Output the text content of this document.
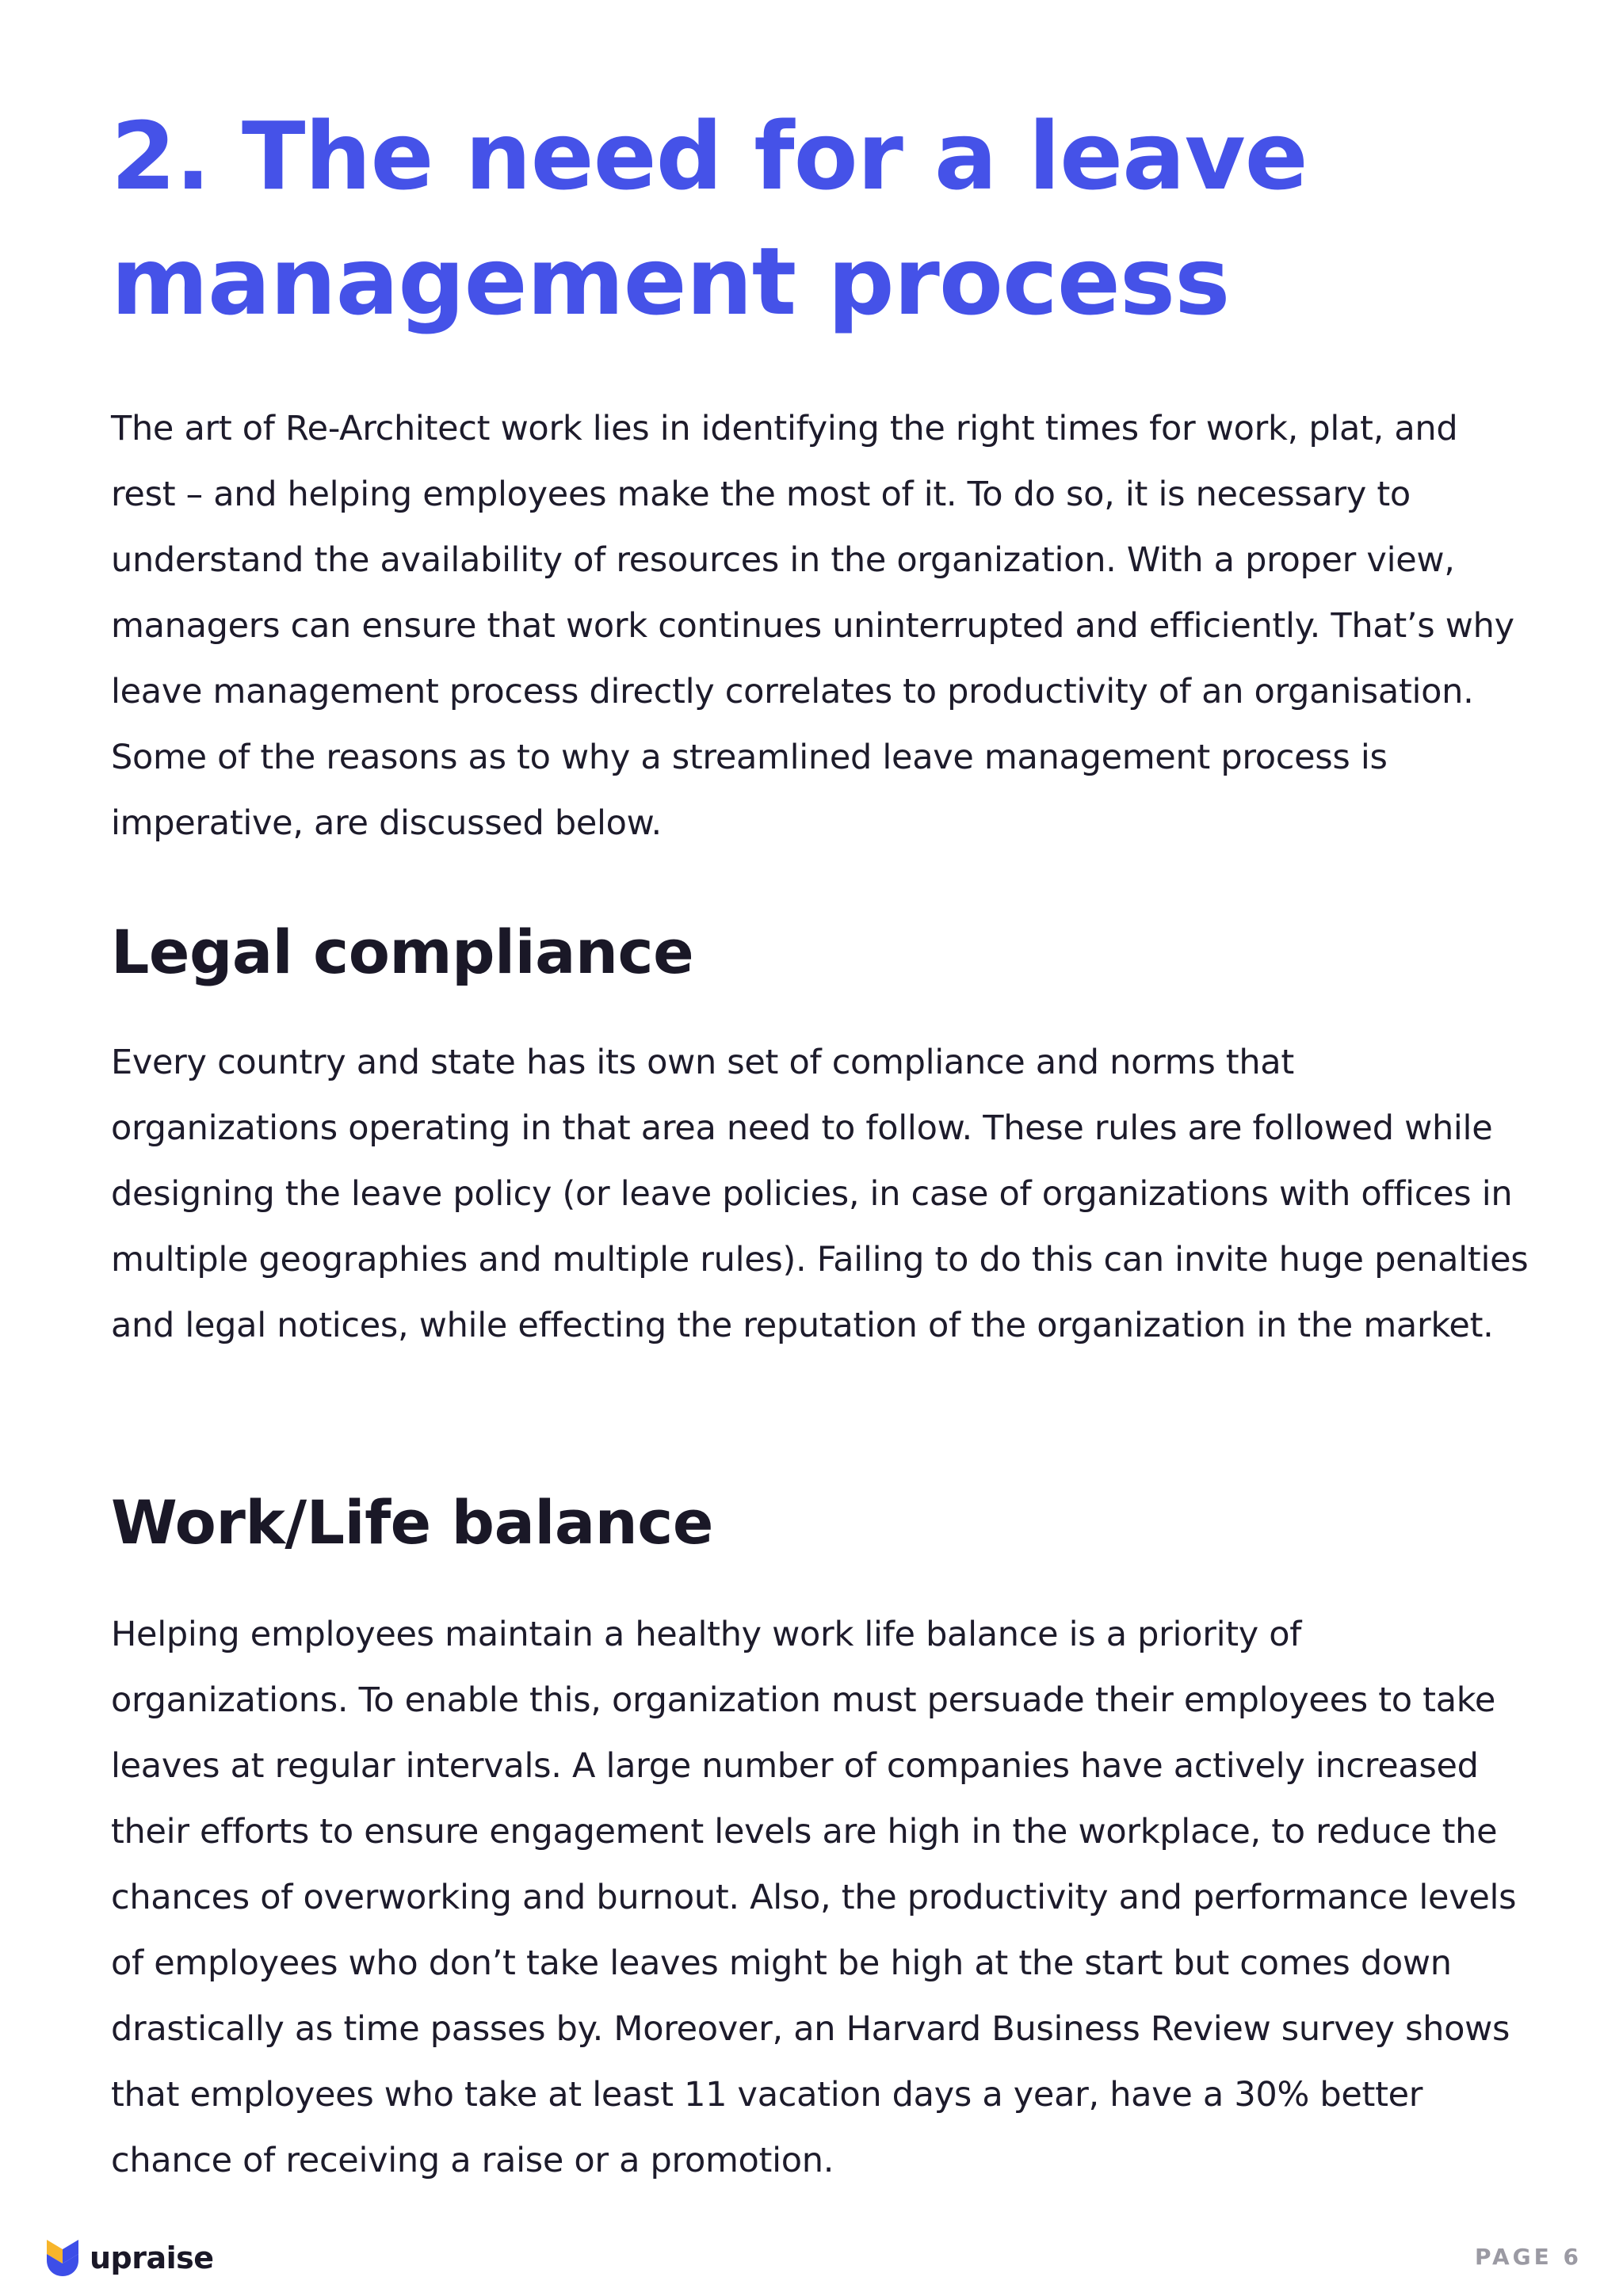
2. The need for a leave management process

The art of Re-Architect work lies in identifying the right times for work, plat, and rest – and helping employees make the most of it. To do so, it is necessary to understand the availability of resources in the organization. With a proper view, managers can ensure that work continues uninterrupted and efficiently. That’s why leave management process directly correlates to productivity of an organisation. Some of the reasons as to why a streamlined leave management process is imperative, are discussed below.

Legal compliance

Every country and state has its own set of compliance and norms that organizations operating in that area need to follow. These rules are followed while designing the leave policy (or leave policies, in case of organizations with offices in multiple geographies and multiple rules). Failing to do this can invite huge penalties and legal notices, while effecting the reputation of the organization in the market.

Work/Life balance

Helping employees maintain a healthy work life balance is a priority of organizations. To enable this, organization must persuade their employees to take leaves at regular intervals. A large number of companies have actively increased their efforts to ensure engagement levels are high in the workplace, to reduce the chances of overworking and burnout. Also, the productivity and performance levels of employees who don’t take leaves might be high at the start but comes down drastically as time passes by. Moreover, an Harvard Business Review survey shows that employees who take at least 11 vacation days a year, have a 30% better chance of receiving a raise or a promotion.

upraise	PAGE 6
